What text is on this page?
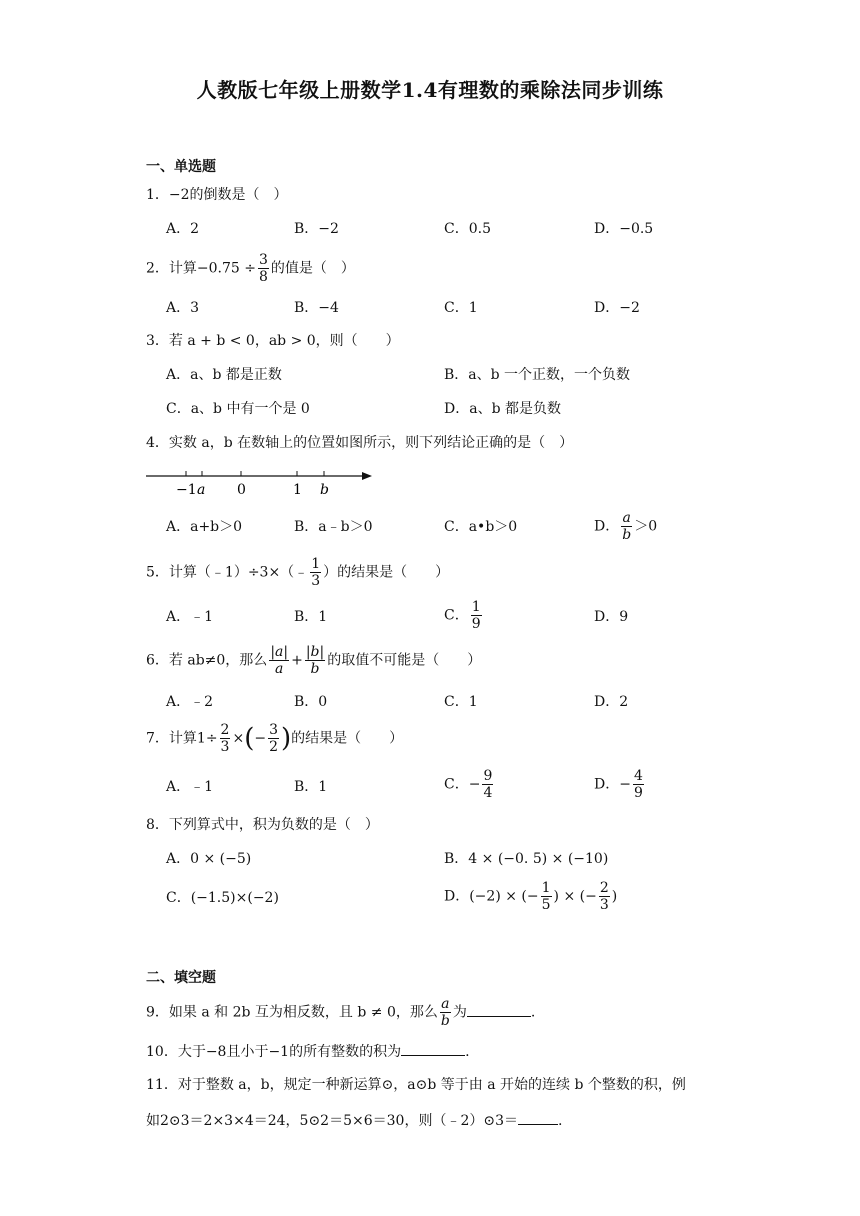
人教版七年级上册数学1.4有理数的乘除法同步训练
一、单选题
1．−2的倒数是（　）
A．2	B．−2	C．0.5	D．−0.5
2．计算$-0.75 \div \frac{3}{8}$ 的值是（　）
A．3	B．−4	C．1	D．−2
3．若 a + b < 0，ab > 0，则（　　）
A．a、b 都是正数	B．a、b 一个正数，一个负数
C．a、b 中有一个是 0	D．a、b 都是负数
4．实数 a，b 在数轴上的位置如图所示，则下列结论正确的是（　）
−1 a 0	1 b
A．a+b＞0	B．a﹣b＞0	C．a•b＞0	D． $\frac{a}{b} >0$
5．计算（﹣1）÷3×（﹣ $\frac{1}{3}$ ）的结果是（　　）
A．﹣1	B．1	C． $\frac{1}{9}$	D．9
6．若 ab≠0，那么 $\frac{|a|}{a} + \frac{|b|}{b}$ 的取值不可能是（　　）
A．﹣2	B．0	C．1	D．2
7．计算$1\div \frac{2}{3}$ ×(− $\frac{3}{2}$ )的结果是（　　）
A．﹣1	B．1	C．− $\frac{9}{4}$	D．− $\frac{4}{9}$
8．下列算式中，积为负数的是（　）
A．0 × (−5)	B．4 × (−0. 5) × (−10)
C．(−1.5)×(−2)	D．(−2) × (− $\frac{1}{5}$ ) × (− $\frac{2}{3}$ )
二、填空题
9．如果 a 和 2b 互为相反数，且 b ≠ 0，那么 $\frac{a}{b}$ 为	.
10．大于−8且小于−1的所有整数的积为	.
11．对于整数 a，b，规定一种新运算⊙，a⊙b 等于由 a 开始的连续 b 个整数的积，例
如2⊙3＝2×3×4＝24，5⊙2＝5×6＝30，则（﹣2）⊙3＝	.
